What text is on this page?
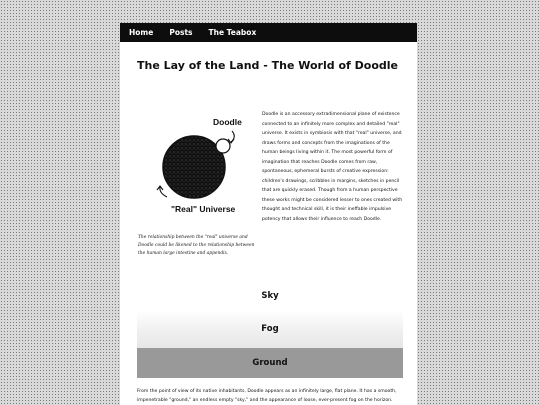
Home Posts The Teabox
The Lay of the Land - The World of Doodle
Doodle
"Real" Universe

The relationship between the "real" universe and Doodle could be likened to the relationship between the human large intestine and appendix.

Doodle is an accessory extradimensional plane of existence connected to an infinitely more complex and detailed "real" universe. It exists in symbiosis with that "real" universe, and draws forms and concepts from the imaginations of the human beings living within it. The most powerful form of imagination that reaches Doodle comes from raw, spontaneous, ephemeral bursts of creative expression: children's drawings, scribbles in margins, sketches in pencil that are quickly erased. Though from a human perspective these works might be considered lesser to ones created with thought and technical skill, it is their ineffable impulsive potency that allows their influence to reach Doodle.

Sky
Fog
Ground

From the point of view of its native inhabitants, Doodle appears as an infinitely large, flat plane. It has a smooth, impenetrable "ground," an endless empty "sky," and the appearance of loose, ever-present fog on the horizon.
